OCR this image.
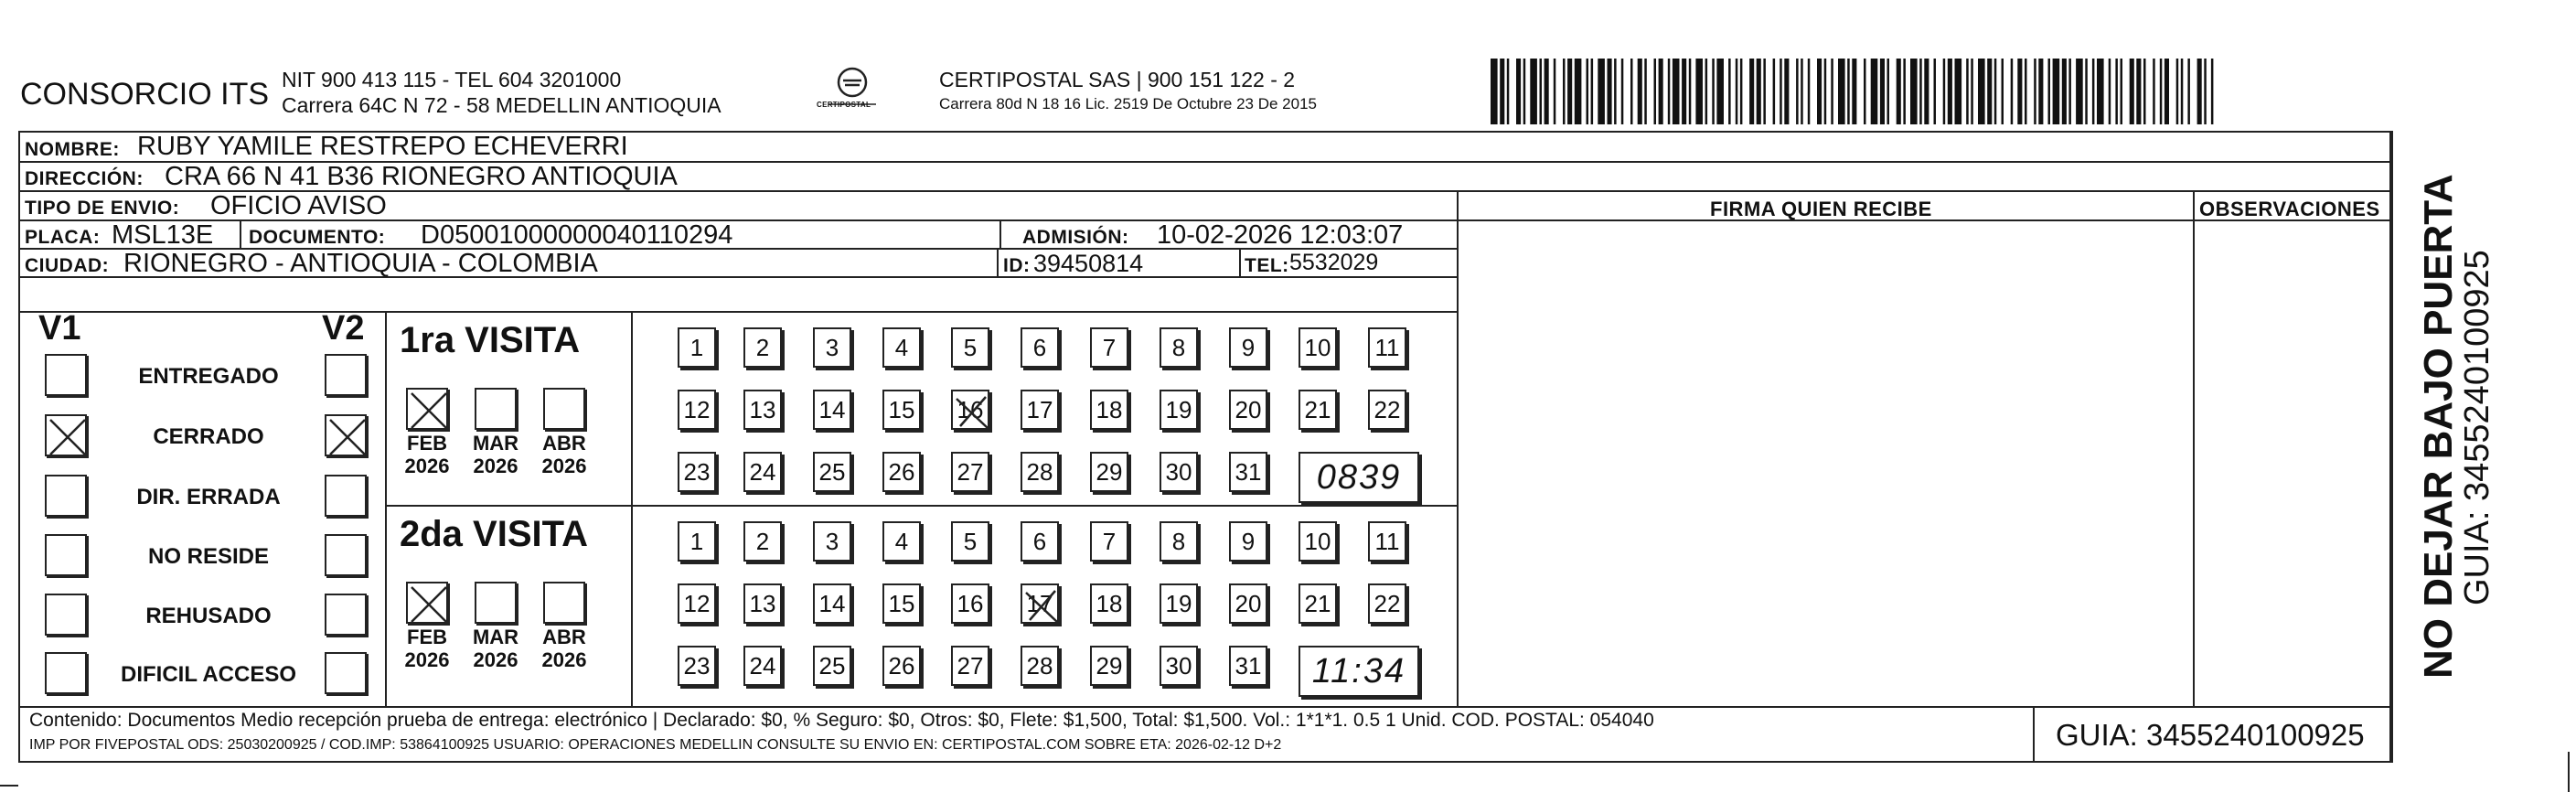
CONSORCIO ITS NIT 900 413 115 - TEL 604 3201000
Carrera 64C N 72 - 58 MEDELLIN ANTIOQUIA	CERTIPOSTAL
CERTIPOSTAL SAS | 900 151 122 - 2
Carrera 80d N 18 16 Lic. 2519 De Octubre 23 De 2015
NOMBRE: RUBY YAMILE RESTREPO ECHEVERRI
DIRECCIÓN: CRA 66 N 41 B36 RIONEGRO ANTIOQUIA
TIPO DE ENVIO: OFICIO AVISO	FIRMA QUIEN RECIBE	OBSERVACIONES
PLACA: MSL13E DOCUMENTO: D05001000000040110294	ADMISIÓN: 10-02-2026 12:03:07
CIUDAD: RIONEGRO - ANTIOQUIA - COLOMBIA	ID: 39450814	TEL: 5532029
V1	V2
ENTREGADO
CERRADO
DIR. ERRADA
NO RESIDE
REHUSADO
DIFICIL ACCESO
1ra VISITA
2da VISITA
FEB
2026
MAR
2026
ABR
2026
1	2	3	4	5	6	7	8	9	10 11
12 13 14 15 16 17 18 19 20 21 22
23 24 25 26 27 28 29 30 31	0839
FEB
2026
MAR
2026
ABR
2026
1	2	3	4	5	6	7	8	9	10 11
12 13 14 15 16 17 18 19 20 21 22
23 24 25 26 27 28 29 30 31	11:34
Contenido: Documentos Medio recepción prueba de entrega: electrónico | Declarado: $0, % Seguro: $0, Otros: $0, Flete: $1,500, Total: $1,500. Vol.: 1*1*1. 0.5 1 Unid. COD. POSTAL: 054040
IMP POR FIVEPOSTAL ODS: 25030200925 / COD.IMP: 53864100925 USUARIO: OPERACIONES MEDELLIN CONSULTE SU ENVIO EN: CERTIPOSTAL.COM SOBRE ETA: 2026-02-12 D+2	GUIA: 3455240100925
NO DEJAR BAJO PUERTA
GUIA: 3455240100925
